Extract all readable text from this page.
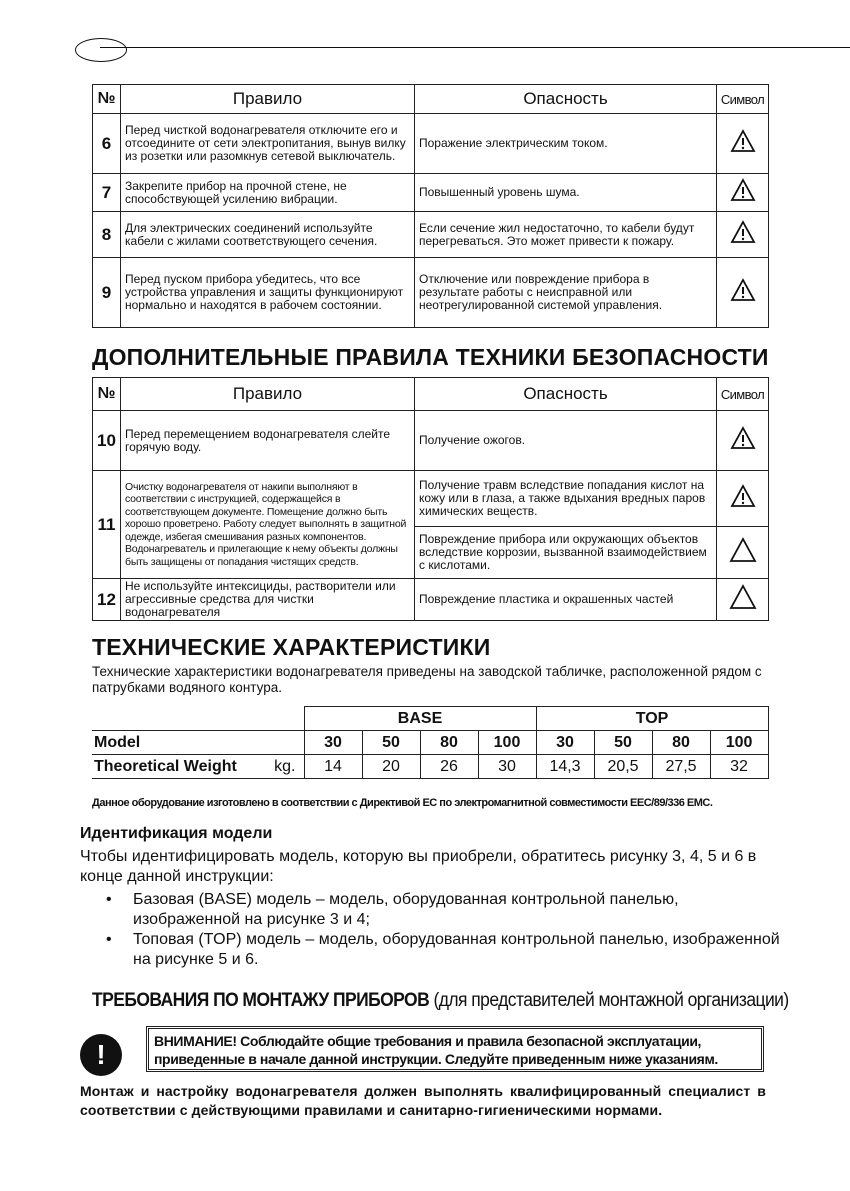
№	Правило	Опасность	Символ
6	Перед чисткой водонагревателя отключите его и отсоедините от сети электропитания, вынув вилку из розетки или разомкнув сетевой выключатель.	Поражение электрическим током.	
7	Закрепите прибор на прочной стене, не способствующей усилению вибрации.	Повышенный уровень шума.	
8	Для электрических соединений используйте кабели с жилами соответствующего сечения.	Если сечение жил недостаточно, то кабели будут перегреваться. Это может привести к пожару.	
9	Перед пуском прибора убедитесь, что все устройства управления и защиты функционируют нормально и находятся в рабочем состоянии.	Отключение или повреждение прибора в результате работы с неисправной или неотрегулированной системой управления.	
ДОПОЛНИТЕЛЬНЫЕ ПРАВИЛА ТЕХНИКИ БЕЗОПАСНОСТИ
№	Правило	Опасность	Символ
10	Перед перемещением водонагревателя слейте горячую воду.	Получение ожогов.	
11	Очистку водонагревателя от накипи выполняют в соответствии с инструкцией, содержащейся в соответствующем документе. Помещение должно быть хорошо проветрено. Работу следует выполнять в защитной одежде, избегая смешивания разных компонентов. Водонагреватель и прилегающие к нему объекты должны быть защищены от попадания чистящих средств.	Получение травм вследствие попадания кислот на кожу или в глаза, а также вдыхания вредных паров химических веществ.	
		Повреждение прибора или окружающих объектов вследствие коррозии, вызванной взаимодействием с кислотами.	
12	Не используйте интексициды, растворители или агрессивные средства для чистки водонагревателя	Повреждение пластика и окрашенных частей	
ТЕХНИЧЕСКИЕ ХАРАКТЕРИСТИКИ

Технические характеристики водонагревателя приведены на заводской табличке, расположенной рядом с патрубками водяного контура.

	BASE				TOP			
Model	30	50	80	100	30	50	80	100
Theoretical Weight kg.	14	20	26	30	14,3	20,5	27,5	32

Данное оборудование изготовлено в соответствии с Директивой ЕС по электромагнитной совместимости EEC/89/336 EMC.

Идентификация модели

Чтобы идентифицировать модель, которую вы приобрели, обратитесь рисунку 3, 4, 5 и 6 в конце данной инструкции:

• Базовая (BASE) модель – модель, оборудованная контрольной панелью, изображенной на рисунке 3 и 4;
• Топовая (TOP) модель – модель, оборудованная контрольной панелью, изображенной на рисунке 5 и 6.
ТРЕБОВАНИЯ ПО МОНТАЖУ ПРИБОРОВ (для представителей монтажной организации)
!	ВНИМАНИЕ! Соблюдайте общие требования и правила безопасной эксплуатации, приведенные в начале данной инструкции. Следуйте приведенным ниже указаниям.

Монтаж и настройку водонагревателя должен выполнять квалифицированный специалист в соответствии с действующими правилами и санитарно-гигиеническими нормами.
